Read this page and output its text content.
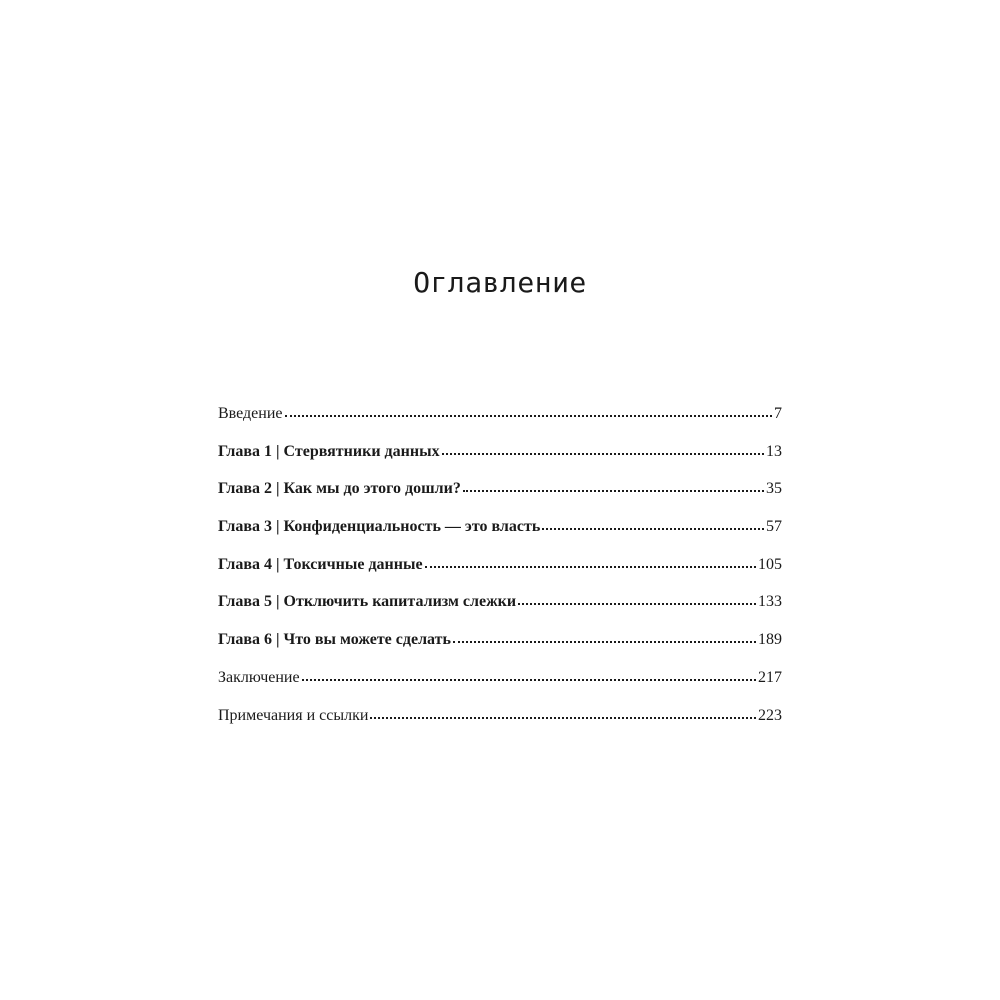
Оглавление
Введение	7
Глава 1 | Стервятники данных	13
Глава 2 | Как мы до этого дошли?	35
Глава 3 | Конфиденциальность — это власть	57
Глава 4 | Токсичные данные	105
Глава 5 | Отключить капитализм слежки	133
Глава 6 | Что вы можете сделать	189
Заключение	217
Примечания и ссылки	223
